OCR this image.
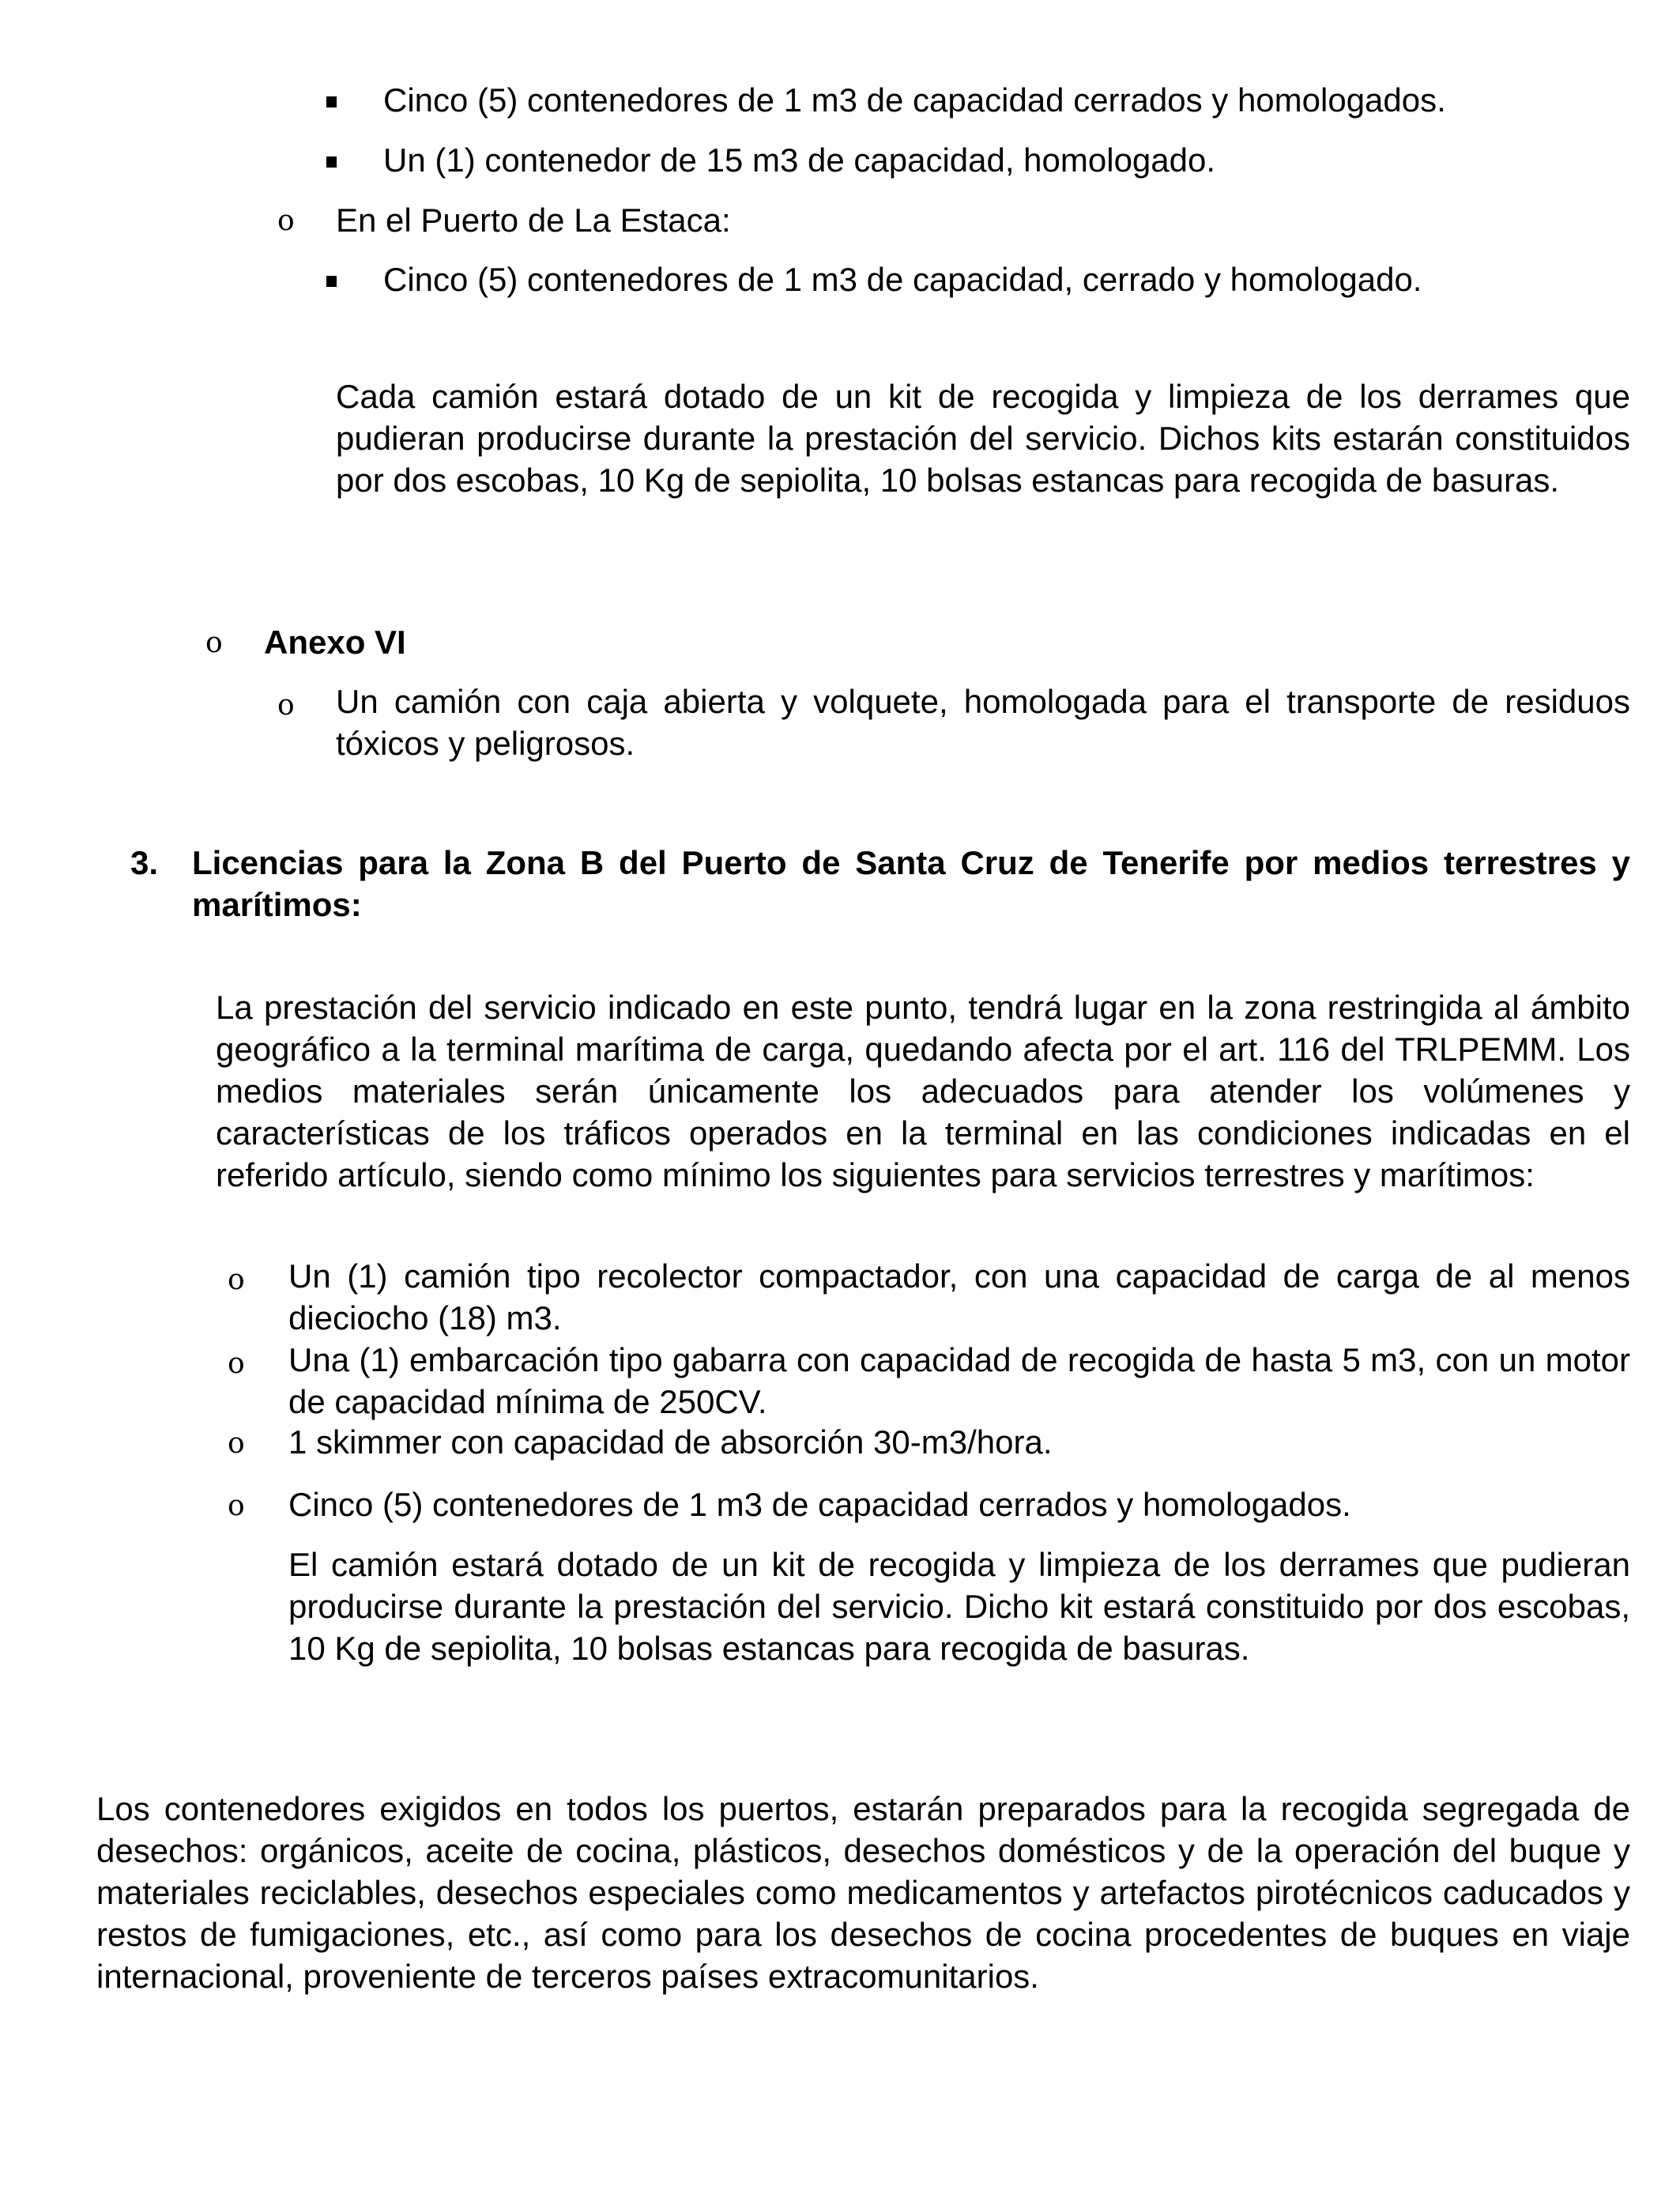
Cinco (5) contenedores de 1 m3 de capacidad cerrados y homologados.
Un (1) contenedor de 15 m3 de capacidad, homologado.
o En el Puerto de La Estaca:
Cinco (5) contenedores de 1 m3 de capacidad, cerrado y homologado.
Cada camión estará dotado de un kit de recogida y limpieza de los derrames que pudieran producirse durante la prestación del servicio. Dichos kits estarán constituidos por dos escobas, 10 Kg de sepiolita, 10 bolsas estancas para recogida de basuras.
o Anexo VI
o Un camión con caja abierta y volquete, homologada para el transporte de residuos tóxicos y peligrosos.
3.	Licencias para la Zona B del Puerto de Santa Cruz de Tenerife por medios terrestres y marítimos:
La prestación del servicio indicado en este punto, tendrá lugar en la zona restringida al ámbito geográfico a la terminal marítima de carga, quedando afecta por el art. 116 del TRLPEMM. Los medios materiales serán únicamente los adecuados para atender los volúmenes y características de los tráficos operados en la terminal en las condiciones indicadas en el referido artículo, siendo como mínimo los siguientes para servicios terrestres y marítimos:
o Un (1) camión tipo recolector compactador, con una capacidad de carga de al menos dieciocho (18) m3.
o Una (1) embarcación tipo gabarra con capacidad de recogida de hasta 5 m3, con un motor de capacidad mínima de 250CV.
o 1 skimmer con capacidad de absorción 30-m3/hora.
o Cinco (5) contenedores de 1 m3 de capacidad cerrados y homologados.
El camión estará dotado de un kit de recogida y limpieza de los derrames que pudieran producirse durante la prestación del servicio. Dicho kit estará constituido por dos escobas, 10 Kg de sepiolita, 10 bolsas estancas para recogida de basuras.
Los contenedores exigidos en todos los puertos, estarán preparados para la recogida segregada de desechos: orgánicos, aceite de cocina, plásticos, desechos domésticos y de la operación del buque y materiales reciclables, desechos especiales como medicamentos y artefactos pirotécnicos caducados y restos de fumigaciones, etc., así como para los desechos de cocina procedentes de buques en viaje internacional, proveniente de terceros países extracomunitarios.
